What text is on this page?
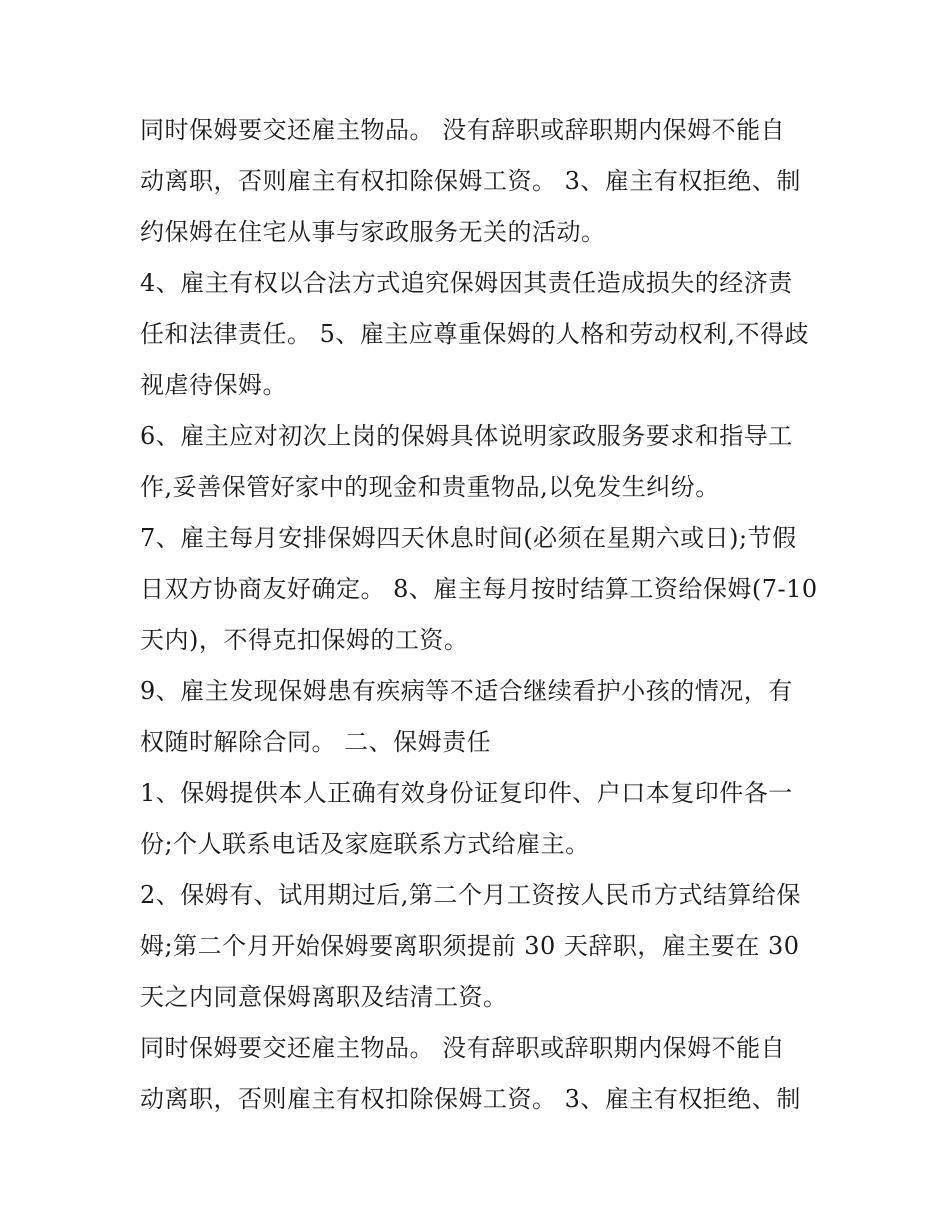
同时保姆要交还雇主物品。 没有辞职或辞职期内保姆不能自
动离职，否则雇主有权扣除保姆工资。 3、雇主有权拒绝、制
约保姆在住宅从事与家政服务无关的活动。
4、雇主有权以合法方式追究保姆因其责任造成损失的经济责
任和法律责任。 5、雇主应尊重保姆的人格和劳动权利,不得歧
视虐待保姆。
6、雇主应对初次上岗的保姆具体说明家政服务要求和指导工
作,妥善保管好家中的现金和贵重物品,以免发生纠纷。
7、雇主每月安排保姆四天休息时间(必须在星期六或日);节假
日双方协商友好确定。 8、雇主每月按时结算工资给保姆(7-10
天内)，不得克扣保姆的工资。
9、雇主发现保姆患有疾病等不适合继续看护小孩的情况，有
权随时解除合同。 二、保姆责任
1、保姆提供本人正确有效身份证复印件、户口本复印件各一
份;个人联系电话及家庭联系方式给雇主。
2、保姆有、试用期过后,第二个月工资按人民币方式结算给保
姆;第二个月开始保姆要离职须提前 30 天辞职，雇主要在 30
天之内同意保姆离职及结清工资。
同时保姆要交还雇主物品。 没有辞职或辞职期内保姆不能自
动离职，否则雇主有权扣除保姆工资。 3、雇主有权拒绝、制
